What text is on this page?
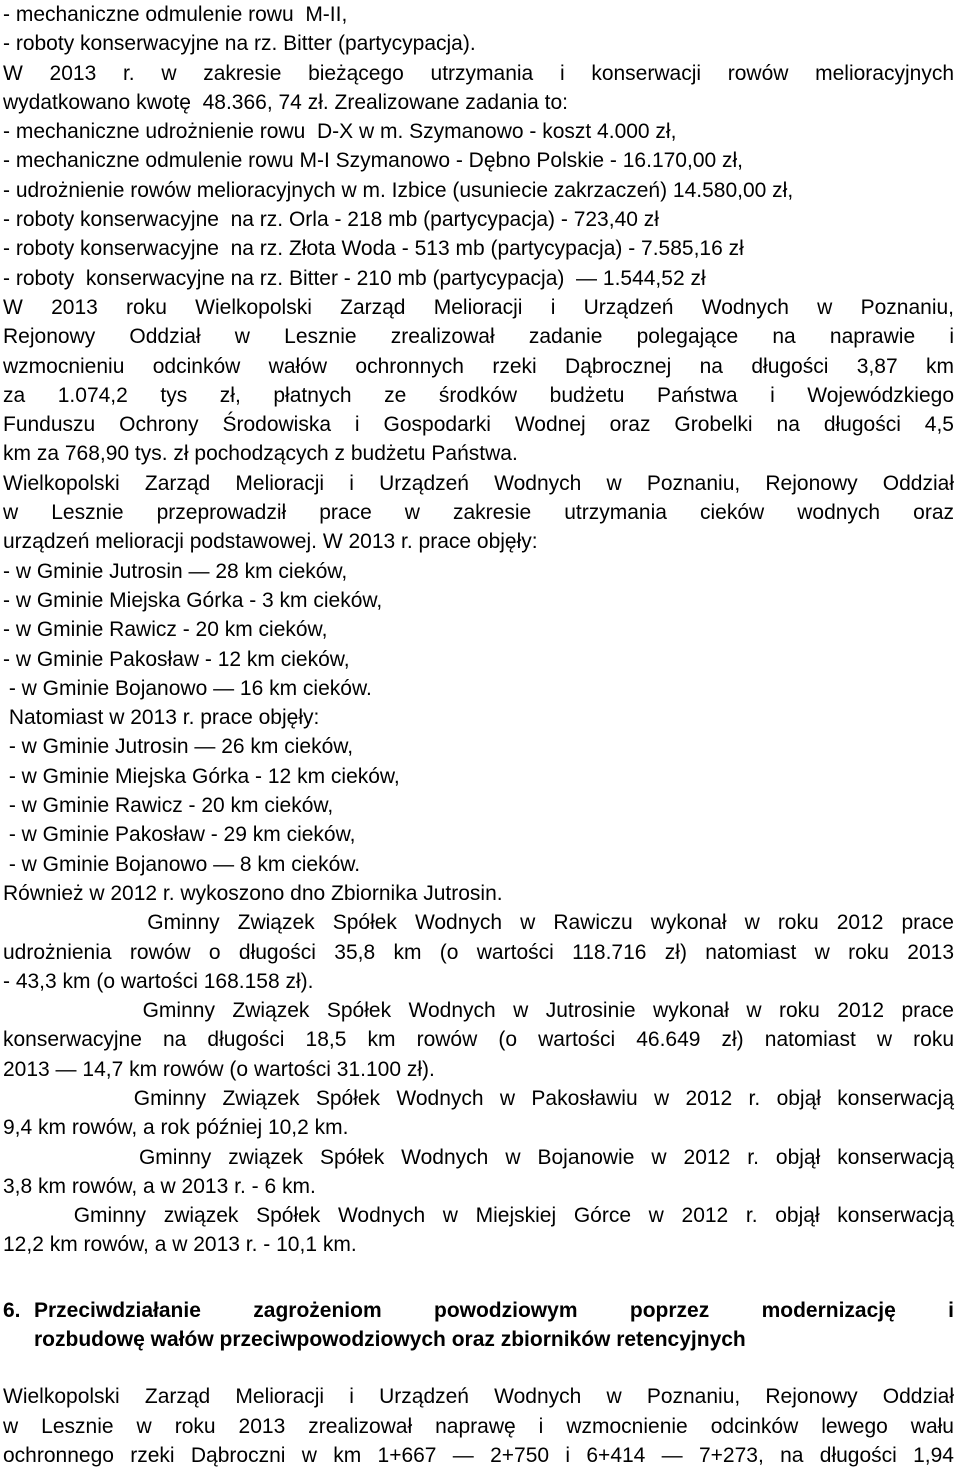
- mechaniczne odmulenie rowu  M-II,

- roboty konserwacyjne na rz. Bitter (partycypacja).

W 2013 r. w zakresie bieżącego utrzymania i konserwacji rowów melioracyjnych

wydatkowano kwotę  48.366, 74 zł. Zrealizowane zadania to:

- mechaniczne udrożnienie rowu  D-X w m. Szymanowo - koszt 4.000 zł,

- mechaniczne odmulenie rowu M-I Szymanowo - Dębno Polskie - 16.170,00 zł,

- udrożnienie rowów melioracyjnych w m. Izbice (usuniecie zakrzaczeń) 14.580,00 zł,

- roboty konserwacyjne  na rz. Orla - 218 mb (partycypacja) - 723,40 zł

- roboty konserwacyjne  na rz. Złota Woda - 513 mb (partycypacja) - 7.585,16 zł

- roboty  konserwacyjne na rz. Bitter - 210 mb (partycypacja)  — 1.544,52 zł

W 2013 roku Wielkopolski Zarząd Melioracji i Urządzeń Wodnych w Poznaniu,

Rejonowy Oddział w Lesznie zrealizował zadanie polegające na naprawie i

wzmocnieniu odcinków wałów ochronnych rzeki Dąbrocznej na długości 3,87 km

za 1.074,2 tys zł, płatnych ze środków budżetu Państwa i Wojewódzkiego

Funduszu Ochrony Środowiska i Gospodarki Wodnej oraz Grobelki na długości 4,5

km za 768,90 tys. zł pochodzących z budżetu Państwa.

Wielkopolski Zarząd Melioracji i Urządzeń Wodnych w Poznaniu, Rejonowy Oddział

w Lesznie przeprowadził prace w zakresie utrzymania cieków wodnych oraz

urządzeń melioracji podstawowej. W 2013 r. prace objęły:

- w Gminie Jutrosin — 28 km cieków,

- w Gminie Miejska Górka - 3 km cieków,

- w Gminie Rawicz - 20 km cieków,

- w Gminie Pakosław - 12 km cieków,

- w Gminie Bojanowo — 16 km cieków.

Natomiast w 2013 r. prace objęły:

- w Gminie Jutrosin — 26 km cieków,

- w Gminie Miejska Górka - 12 km cieków,

- w Gminie Rawicz - 20 km cieków,

- w Gminie Pakosław - 29 km cieków,

- w Gminie Bojanowo — 8 km cieków.

Również w 2012 r. wykoszono dno Zbiornika Jutrosin.

Gminny Związek Spółek Wodnych w Rawiczu wykonał w roku 2012 prace

udrożnienia rowów o długości 35,8 km (o wartości 118.716 zł) natomiast w roku 2013

- 43,3 km (o wartości 168.158 zł).

Gminny Związek Spółek Wodnych w Jutrosinie wykonał w roku 2012 prace

konserwacyjne na długości 18,5 km rowów (o wartości 46.649 zł) natomiast w roku

2013 — 14,7 km rowów (o wartości 31.100 zł).

Gminny Związek Spółek Wodnych w Pakosławiu w 2012 r. objął konserwacją

9,4 km rowów, a rok później 10,2 km.

Gminny związek Spółek Wodnych w Bojanowie w 2012 r. objął konserwacją

3,8 km rowów, a w 2013 r. - 6 km.

Gminny związek Spółek Wodnych w Miejskiej Górce w 2012 r. objął konserwacją

12,2 km rowów, a w 2013 r. - 10,1 km.

6. Przeciwdziałanie zagrożeniom powodziowym poprzez modernizację i

rozbudowę wałów przeciwpowodziowych oraz zbiorników retencyjnych

Wielkopolski Zarząd Melioracji i Urządzeń Wodnych w Poznaniu, Rejonowy Oddział

w Lesznie w roku 2013 zrealizował naprawę i wzmocnienie odcinków lewego wału

ochronnego rzeki Dąbroczni w km 1+667 — 2+750 i 6+414 — 7+273, na długości 1,94
